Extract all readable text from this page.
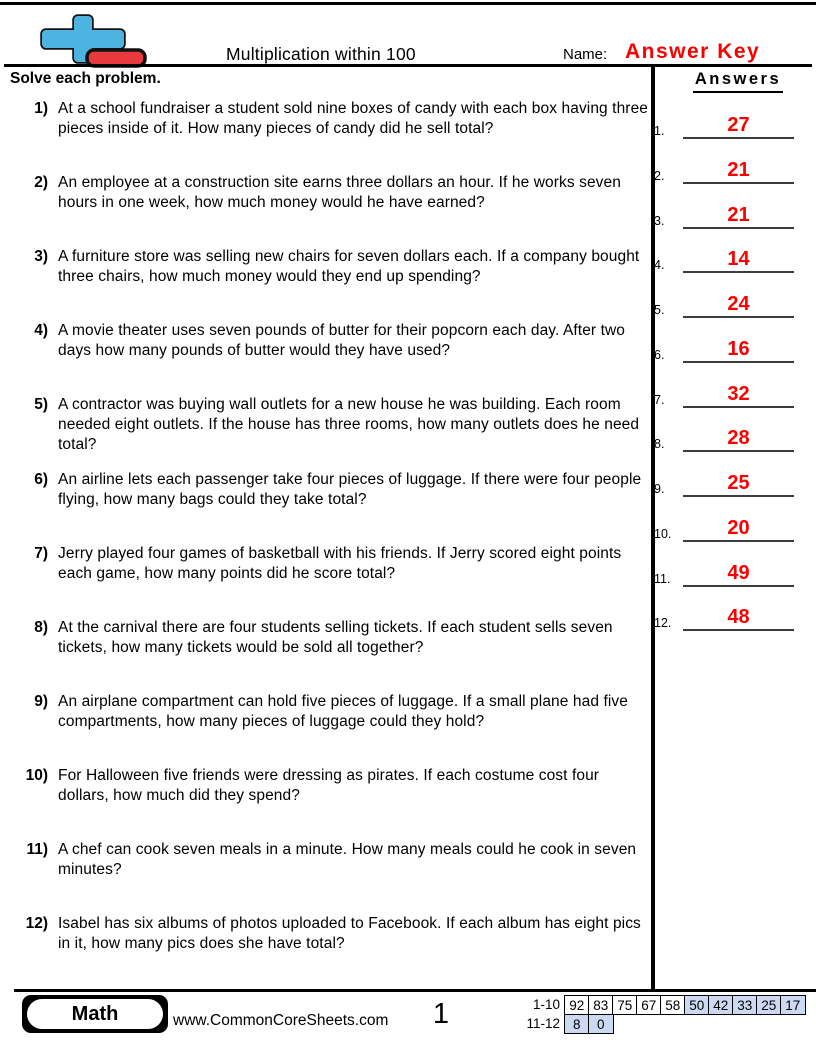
Multiplication within 100	Name: Answer Key
Solve each problem.
1) At a school fundraiser a student sold nine boxes of candy with each box having three pieces inside of it. How many pieces of candy did he sell total?
2) An employee at a construction site earns three dollars an hour. If he works seven hours in one week, how much money would he have earned?
3) A furniture store was selling new chairs for seven dollars each. If a company bought three chairs, how much money would they end up spending?
4) A movie theater uses seven pounds of butter for their popcorn each day. After two days how many pounds of butter would they have used?
5) A contractor was buying wall outlets for a new house he was building. Each room needed eight outlets. If the house has three rooms, how many outlets does he need total?
6) An airline lets each passenger take four pieces of luggage. If there were four people flying, how many bags could they take total?
7) Jerry played four games of basketball with his friends. If Jerry scored eight points each game, how many points did he score total?
8) At the carnival there are four students selling tickets. If each student sells seven tickets, how many tickets would be sold all together?
9) An airplane compartment can hold five pieces of luggage. If a small plane had five compartments, how many pieces of luggage could they hold?
10) For Halloween five friends were dressing as pirates. If each costume cost four dollars, how much did they spend?
11) A chef can cook seven meals in a minute. How many meals could he cook in seven minutes?
12) Isabel has six albums of photos uploaded to Facebook. If each album has eight pics in it, how many pics does she have total?
Answers
1.	27
2.	21
3.	21
4.	14
5.	24
6.	16
7.	32
8.	28
9.	25
10.	20
11.	49
12.	48
Math	www.CommonCoreSheets.com	1	1-10 92 83 75 67 58 50 42 33 25 17
11-12 8	0
